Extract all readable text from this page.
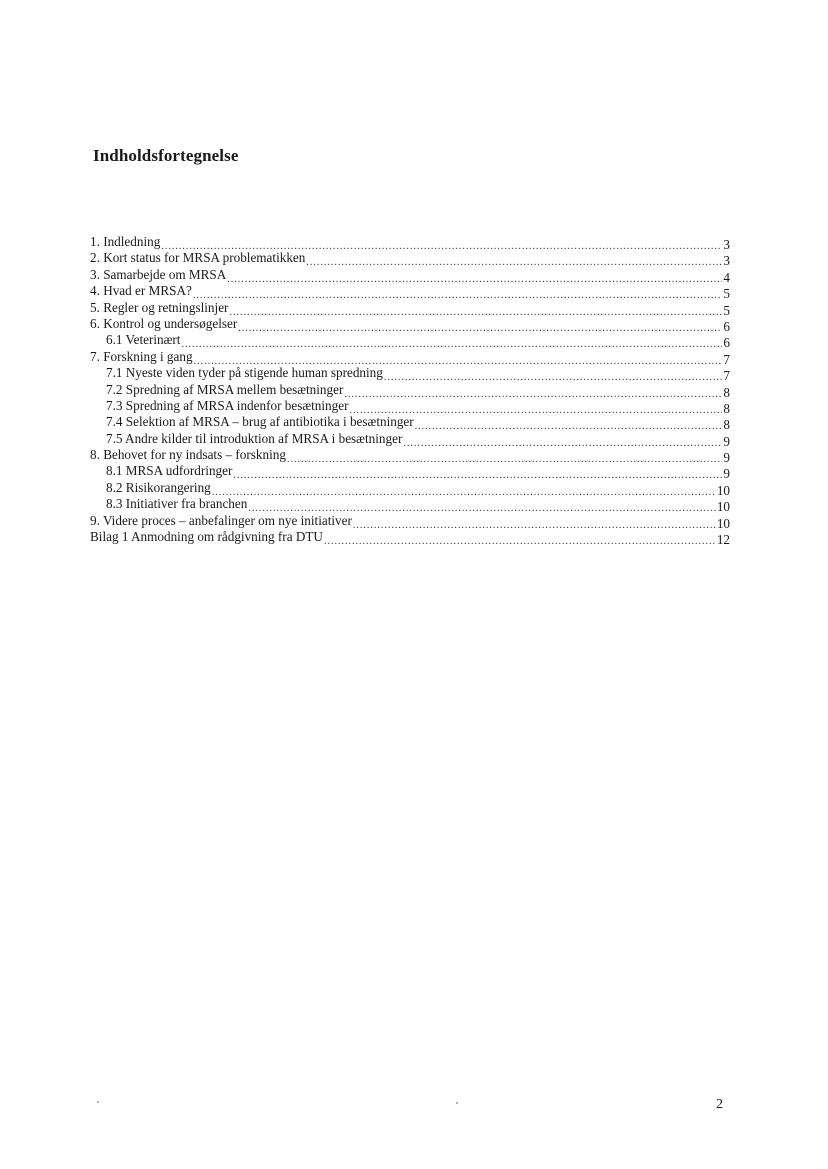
Indholdsfortegnelse
1. Indledning .....	3
2. Kort status for MRSA problematikken .....	3
3. Samarbejde om MRSA .....	4
4. Hvad er MRSA? .....	5
5. Regler og retningslinjer .....	5
6. Kontrol og undersøgelser .....	6
6.1 Veterinært .....	6
7. Forskning i gang .....	7
7.1 Nyeste viden tyder på stigende human spredning .....	7
7.2 Spredning af MRSA mellem besætninger .....	8
7.3 Spredning af MRSA indenfor besætninger .....	8
7.4 Selektion af MRSA – brug af antibiotika i besætninger .....	8
7.5 Andre kilder til introduktion af MRSA i besætninger .....	9
8. Behovet for ny indsats – forskning .....	9
8.1 MRSA udfordringer .....	9
8.2 Risikorangering .....	10
8.3 Initiativer fra branchen .....	10
9. Videre proces – anbefalinger om nye initiativer .....	10
Bilag 1 Anmodning om rådgivning fra DTU .....	12
2
